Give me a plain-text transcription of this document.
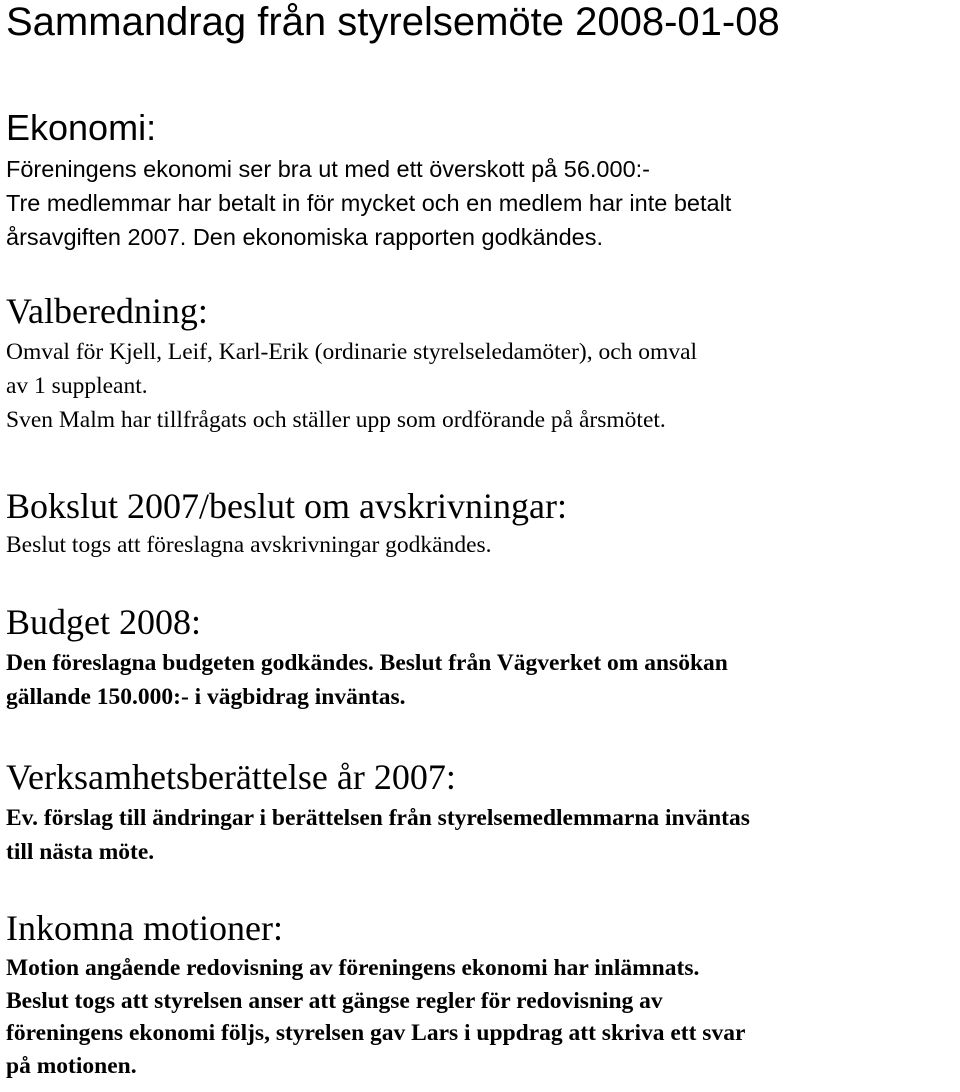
Sammandrag från styrelsemöte 2008-01-08
Ekonomi:

Föreningens ekonomi ser bra ut med ett överskott på 56.000:-
Tre medlemmar har betalt in för mycket och en medlem har inte betalt
årsavgiften 2007. Den ekonomiska rapporten godkändes.

Valberedning:

Omval för Kjell, Leif, Karl-Erik (ordinarie styrelseledamöter), och omval
av 1 suppleant.
Sven Malm har tillfrågats och ställer upp som ordförande på årsmötet.

Bokslut 2007/beslut om avskrivningar:

Beslut togs att föreslagna avskrivningar godkändes.

Budget 2008:

Den föreslagna budgeten godkändes. Beslut från Vägverket om ansökan
gällande 150.000:- i vägbidrag inväntas.

Verksamhetsberättelse år 2007:

Ev. förslag till ändringar i berättelsen från styrelsemedlemmarna inväntas
till nästa möte.

Inkomna motioner:

Motion angående redovisning av föreningens ekonomi har inlämnats.
Beslut togs att styrelsen anser att gängse regler för redovisning av
föreningens ekonomi följs, styrelsen gav Lars i uppdrag att skriva ett svar
på motionen.
